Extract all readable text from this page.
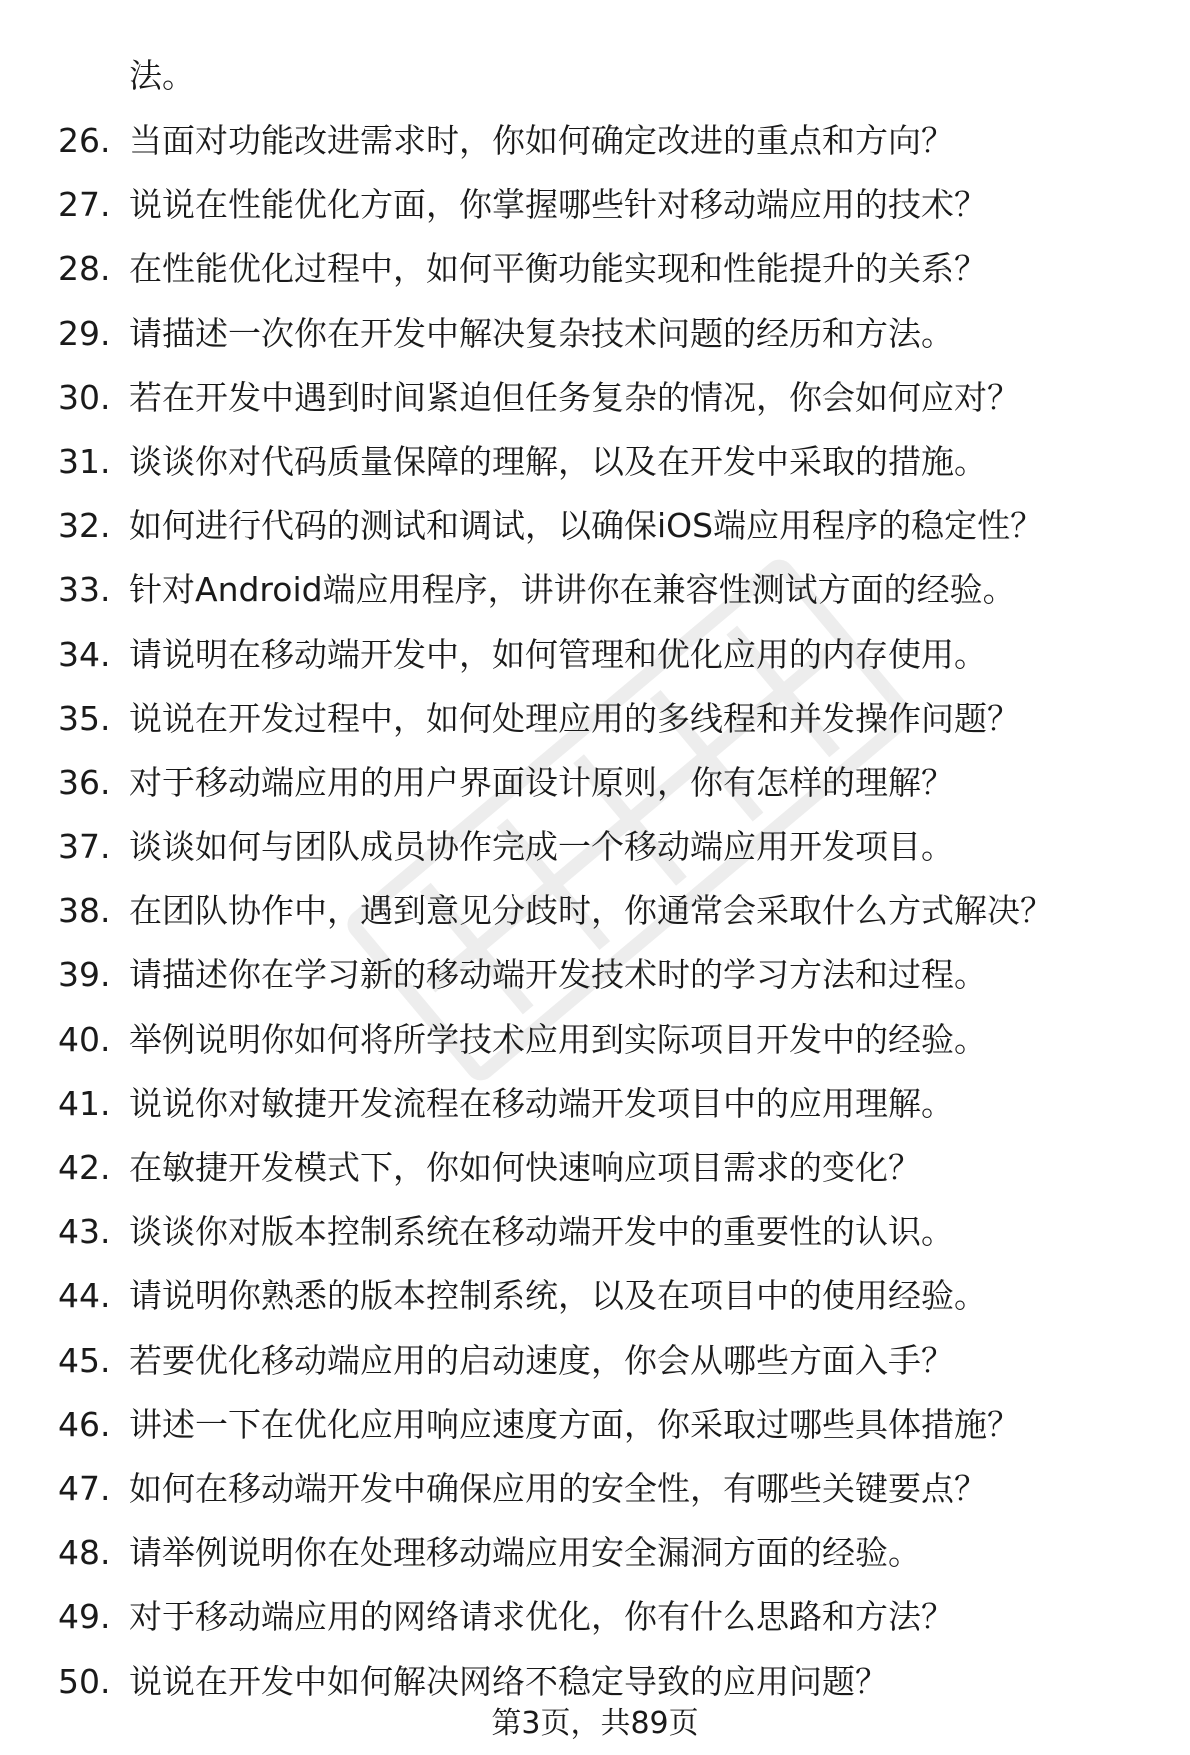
法。
26. 当面对功能改进需求时，你如何确定改进的重点和方向？
27. 说说在性能优化方面，你掌握哪些针对移动端应用的技术？
28. 在性能优化过程中，如何平衡功能实现和性能提升的关系？
29. 请描述一次你在开发中解决复杂技术问题的经历和方法。
30. 若在开发中遇到时间紧迫但任务复杂的情况，你会如何应对？
31. 谈谈你对代码质量保障的理解，以及在开发中采取的措施。
32. 如何进行代码的测试和调试，以确保iOS端应用程序的稳定性？
33. 针对Android端应用程序，讲讲你在兼容性测试方面的经验。
34. 请说明在移动端开发中，如何管理和优化应用的内存使用。
35. 说说在开发过程中，如何处理应用的多线程和并发操作问题？
36. 对于移动端应用的用户界面设计原则，你有怎样的理解？
37. 谈谈如何与团队成员协作完成一个移动端应用开发项目。
38. 在团队协作中，遇到意见分歧时，你通常会采取什么方式解决？
39. 请描述你在学习新的移动端开发技术时的学习方法和过程。
40. 举例说明你如何将所学技术应用到实际项目开发中的经验。
41. 说说你对敏捷开发流程在移动端开发项目中的应用理解。
42. 在敏捷开发模式下，你如何快速响应项目需求的变化？
43. 谈谈你对版本控制系统在移动端开发中的重要性的认识。
44. 请说明你熟悉的版本控制系统，以及在项目中的使用经验。
45. 若要优化移动端应用的启动速度，你会从哪些方面入手？
46. 讲述一下在优化应用响应速度方面，你采取过哪些具体措施？
47. 如何在移动端开发中确保应用的安全性，有哪些关键要点？
48. 请举例说明你在处理移动端应用安全漏洞方面的经验。
49. 对于移动端应用的网络请求优化，你有什么思路和方法？
50. 说说在开发中如何解决网络不稳定导致的应用问题？
第3页，共89页
